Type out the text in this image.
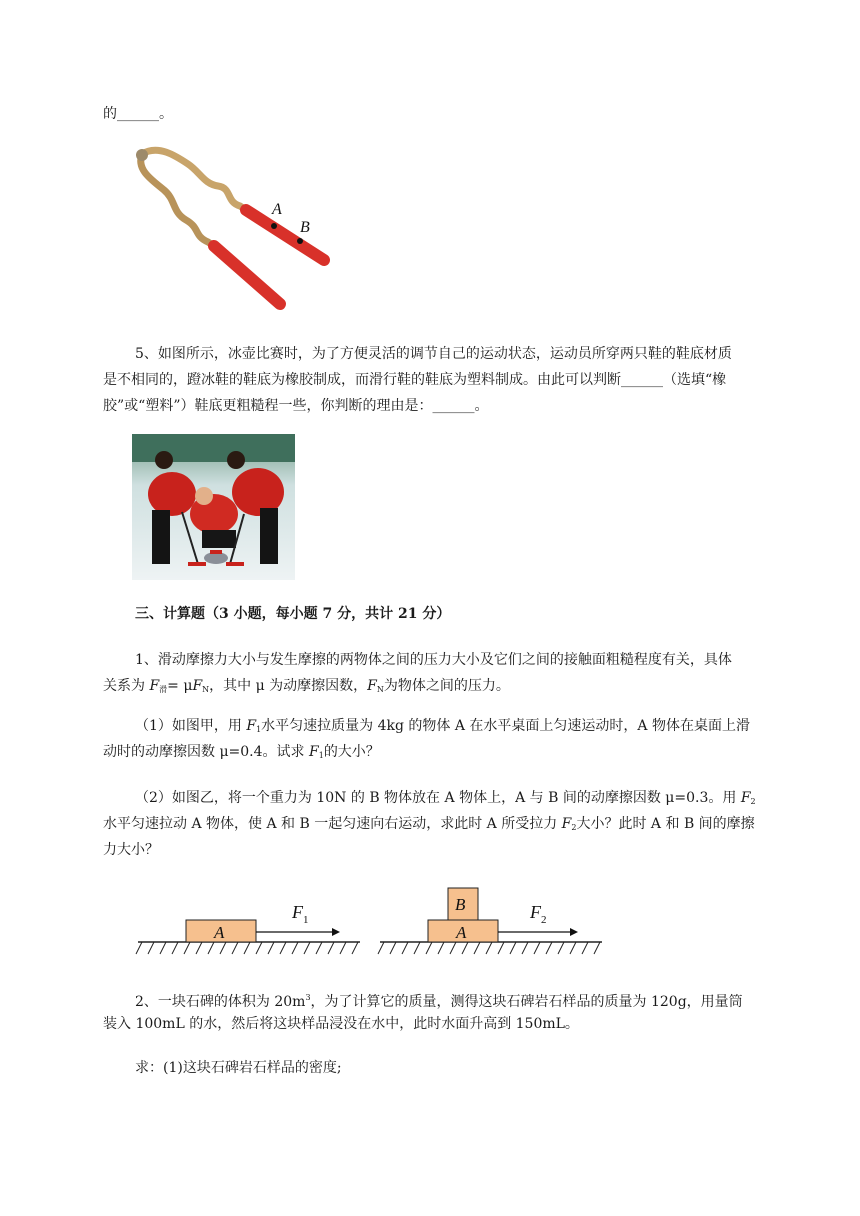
的______。
A
B
5、如图所示，冰壶比赛时，为了方便灵活的调节自己的运动状态，运动员所穿两只鞋的鞋底材质
是不相同的，蹬冰鞋的鞋底为橡胶制成，而滑行鞋的鞋底为塑料制成。由此可以判断______（选填“橡
胶”或“塑料”）鞋底更粗糙程一些，你判断的理由是：______。
三、计算题（3 小题，每小题 7 分，共计 21 分）
1、滑动摩擦力大小与发生摩擦的两物体之间的压力大小及它们之间的接触面粗糙程度有关，具体
关系为 $F_滑= \mu F_N$，其中 μ 为动摩擦因数，$F_N$为物体之间的压力。
（1）如图甲，用 $F_1$水平匀速拉质量为 4kg 的物体 A 在水平桌面上匀速运动时，A 物体在桌面上滑
动时的动摩擦因数 μ=0.4。试求 $F_1$的大小？
（2）如图乙，将一个重力为 10N 的 B 物体放在 A 物体上，A 与 B 间的动摩擦因数 μ=0.3。用 $F_2$
水平匀速拉动 A 物体，使 A 和 B 一起匀速向右运动，求此时 A 所受拉力 $F_2$大小？此时 A 和 B 间的摩擦
力大小？
A
$F_1$
A
B	$F_2$
2、一块石碑的体积为 $20m^3$，为了计算它的质量，测得这块石碑岩石样品的质量为 120g，用量筒
装入 100mL 的水，然后将这块样品浸没在水中，此时水面升高到 150mL。
求：(1)这块石碑岩石样品的密度;
